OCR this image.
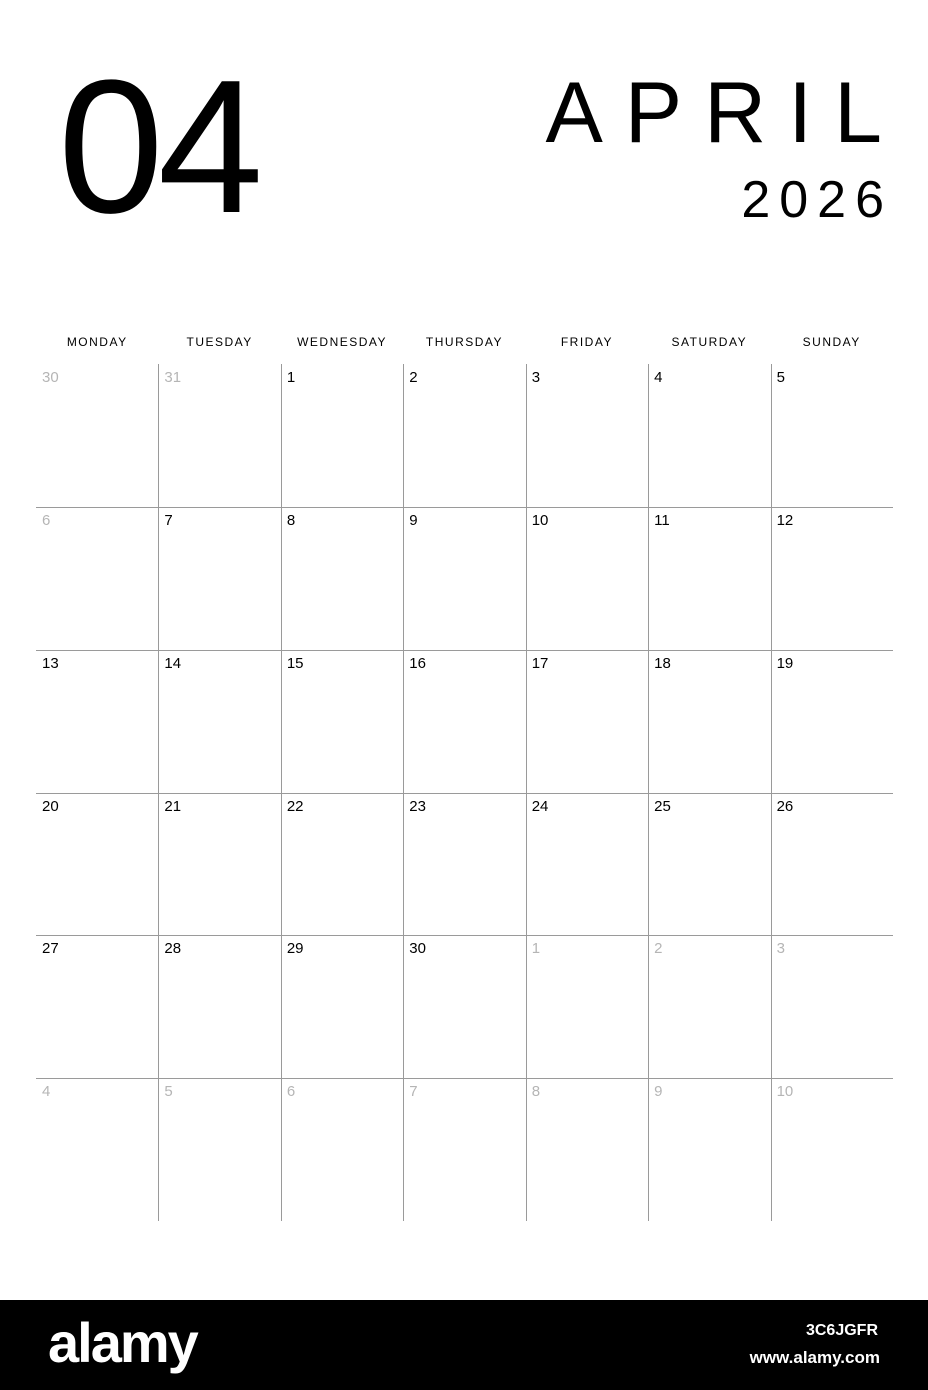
04	APRIL
2026
MONDAY	TUESDAY	WEDNESDAY	THURSDAY	FRIDAY	SATURDAY	SUNDAY
30	31	1	2	3	4	5
6	7	8	9	10	11	12
13	14	15	16	17	18	19
20	21	22	23	24	25	26
27	28	29	30	1	2	3
4	5	6	7	8	9	10
alamy	3C6JGFR
www.alamy.com
